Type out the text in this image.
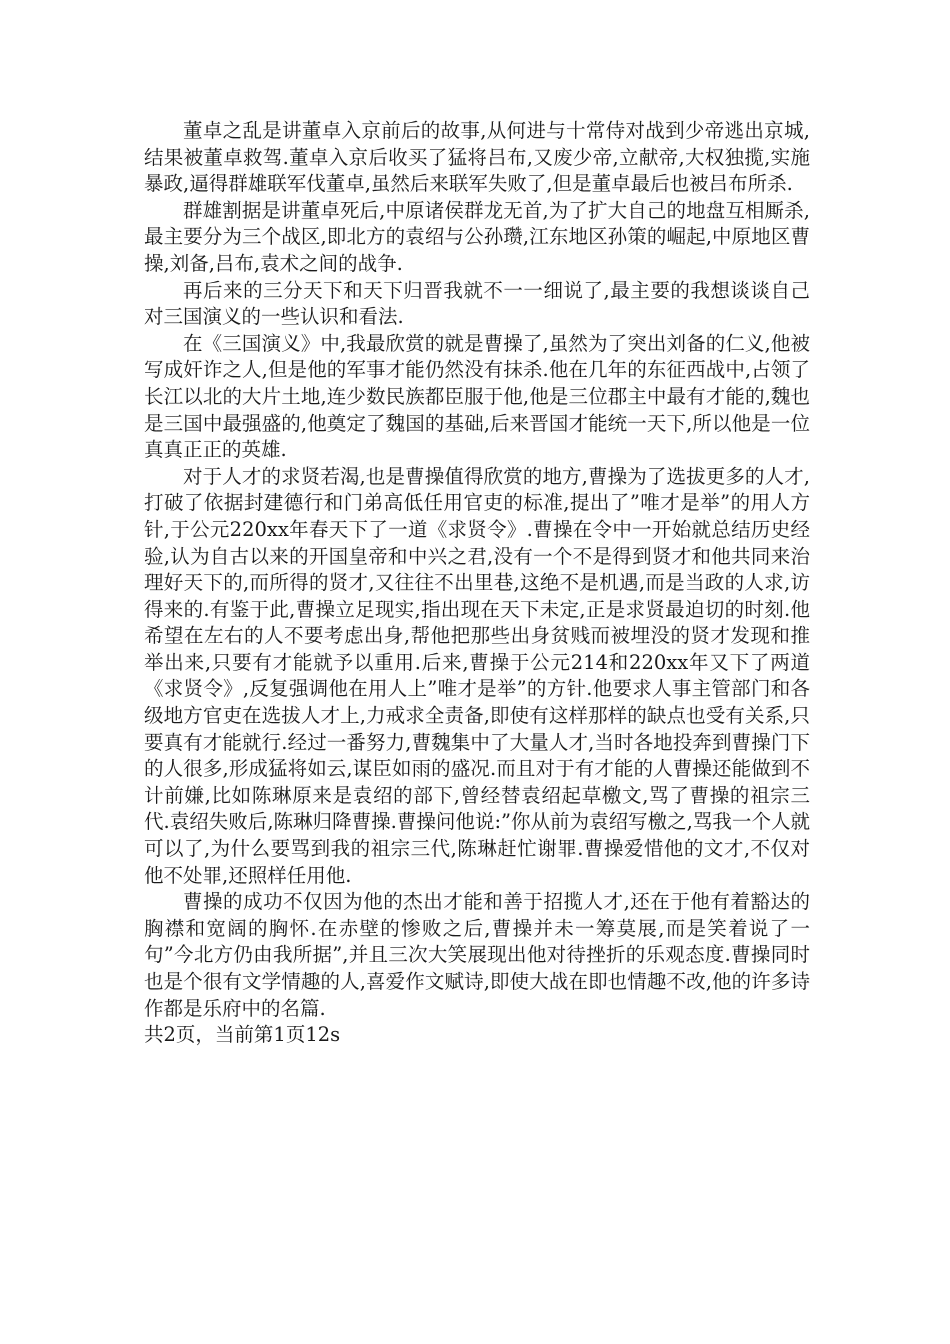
董卓之乱是讲董卓入京前后的故事,从何进与十常侍对战到少帝逃出京城,结果被董卓救驾.董卓入京后收买了猛将吕布,又废少帝,立献帝,大权独揽,实施暴政,逼得群雄联军伐董卓,虽然后来联军失败了,但是董卓最后也被吕布所杀.

群雄割据是讲董卓死后,中原诸侯群龙无首,为了扩大自己的地盘互相厮杀,最主要分为三个战区,即北方的袁绍与公孙瓒,江东地区孙策的崛起,中原地区曹操,刘备,吕布,袁术之间的战争.

再后来的三分天下和天下归晋我就不一一细说了,最主要的我想谈谈自己对三国演义的一些认识和看法.

在《三国演义》中,我最欣赏的就是曹操了,虽然为了突出刘备的仁义,他被写成奸诈之人,但是他的军事才能仍然没有抹杀.他在几年的东征西战中,占领了长江以北的大片土地,连少数民族都臣服于他,他是三位郡主中最有才能的,魏也是三国中最强盛的,他奠定了魏国的基础,后来晋国才能统一天下,所以他是一位真真正正的英雄.

对于人才的求贤若渴,也是曹操值得欣赏的地方,曹操为了选拔更多的人才,打破了依据封建德行和门弟高低任用官吏的标准,提出了”唯才是举”的用人方针,于公元220xx年春天下了一道《求贤令》.曹操在令中一开始就总结历史经验,认为自古以来的开国皇帝和中兴之君,没有一个不是得到贤才和他共同来治理好天下的,而所得的贤才,又往往不出里巷,这绝不是机遇,而是当政的人求,访得来的.有鉴于此,曹操立足现实,指出现在天下未定,正是求贤最迫切的时刻.他希望在左右的人不要考虑出身,帮他把那些出身贫贱而被埋没的贤才发现和推举出来,只要有才能就予以重用.后来,曹操于公元214和220xx年又下了两道《求贤令》,反复强调他在用人上”唯才是举”的方针.他要求人事主管部门和各级地方官吏在选拔人才上,力戒求全责备,即使有这样那样的缺点也受有关系,只要真有才能就行.经过一番努力,曹魏集中了大量人才,当时各地投奔到曹操门下的人很多,形成猛将如云,谋臣如雨的盛况.而且对于有才能的人曹操还能做到不计前嫌,比如陈琳原来是袁绍的部下,曾经替袁绍起草檄文,骂了曹操的祖宗三代.袁绍失败后,陈琳归降曹操.曹操问他说:”你从前为袁绍写檄之,骂我一个人就可以了,为什么要骂到我的祖宗三代,陈琳赶忙谢罪.曹操爱惜他的文才,不仅对他不处罪,还照样任用他.

曹操的成功不仅因为他的杰出才能和善于招揽人才,还在于他有着豁达的胸襟和宽阔的胸怀.在赤壁的惨败之后,曹操并未一筹莫展,而是笑着说了一句”今北方仍由我所据”,并且三次大笑展现出他对待挫折的乐观态度.曹操同时也是个很有文学情趣的人,喜爱作文赋诗,即使大战在即也情趣不改,他的许多诗作都是乐府中的名篇.

共2页，当前第1页12s
